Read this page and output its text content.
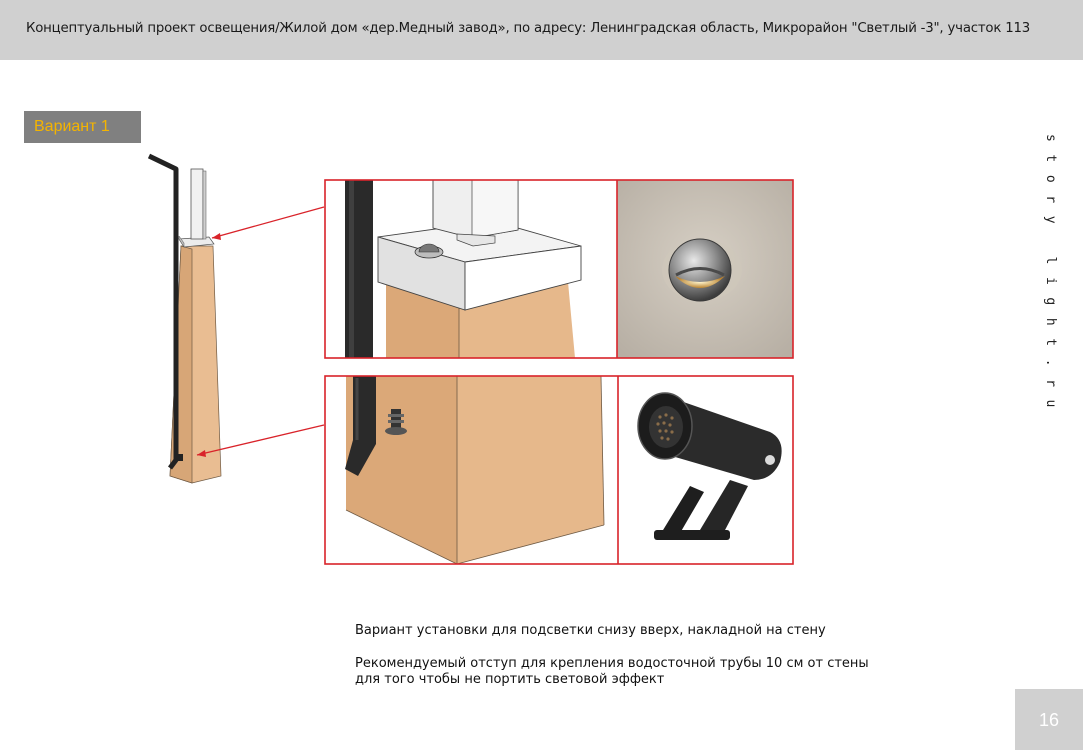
Концептуальный проект освещения/Жилой дом «дер.Медный завод», по адресу: Ленинградская область, Микрорайон "Светлый -3", участок 113
Вариант 1
story light.ru
Вариант установки для подсветки снизу вверх, накладной на стену
Рекомендуемый отступ для крепления водосточной трубы 10 см от стены
для того чтобы не портить световой эффект
16
